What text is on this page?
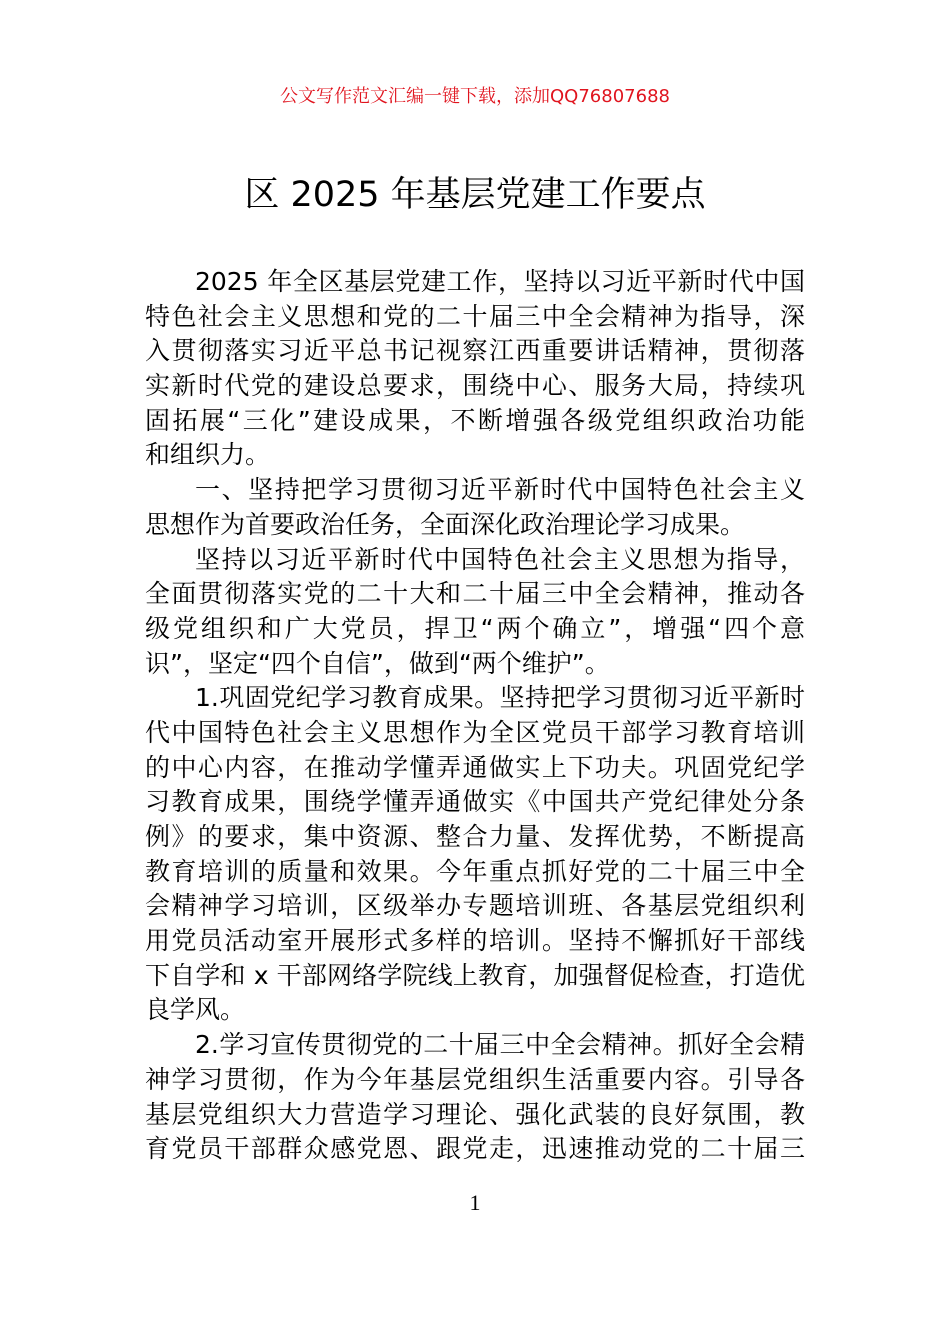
公文写作范文汇编一键下载，添加QQ76807688
区 2025 年基层党建工作要点
2025 年全区基层党建工作，坚持以习近平新时代中国
特色社会主义思想和党的二十届三中全会精神为指导，深
入贯彻落实习近平总书记视察江西重要讲话精神，贯彻落
实新时代党的建设总要求，围绕中心、服务大局，持续巩
固拓展“三化”建设成果，不断增强各级党组织政治功能
和组织力。
一、坚持把学习贯彻习近平新时代中国特色社会主义
思想作为首要政治任务，全面深化政治理论学习成果。
坚持以习近平新时代中国特色社会主义思想为指导，
全面贯彻落实党的二十大和二十届三中全会精神，推动各
级党组织和广大党员，捍卫“两个确立”，增强“四个意
识”，坚定“四个自信”，做到“两个维护”。
1.巩固党纪学习教育成果。坚持把学习贯彻习近平新时
代中国特色社会主义思想作为全区党员干部学习教育培训
的中心内容，在推动学懂弄通做实上下功夫。巩固党纪学
习教育成果，围绕学懂弄通做实《中国共产党纪律处分条
例》的要求，集中资源、整合力量、发挥优势，不断提高
教育培训的质量和效果。今年重点抓好党的二十届三中全
会精神学习培训，区级举办专题培训班、各基层党组织利
用党员活动室开展形式多样的培训。坚持不懈抓好干部线
下自学和 x 干部网络学院线上教育，加强督促检查，打造优
良学风。
2.学习宣传贯彻党的二十届三中全会精神。抓好全会精
神学习贯彻，作为今年基层党组织生活重要内容。引导各
基层党组织大力营造学习理论、强化武装的良好氛围，教
育党员干部群众感党恩、跟党走，迅速推动党的二十届三
1
